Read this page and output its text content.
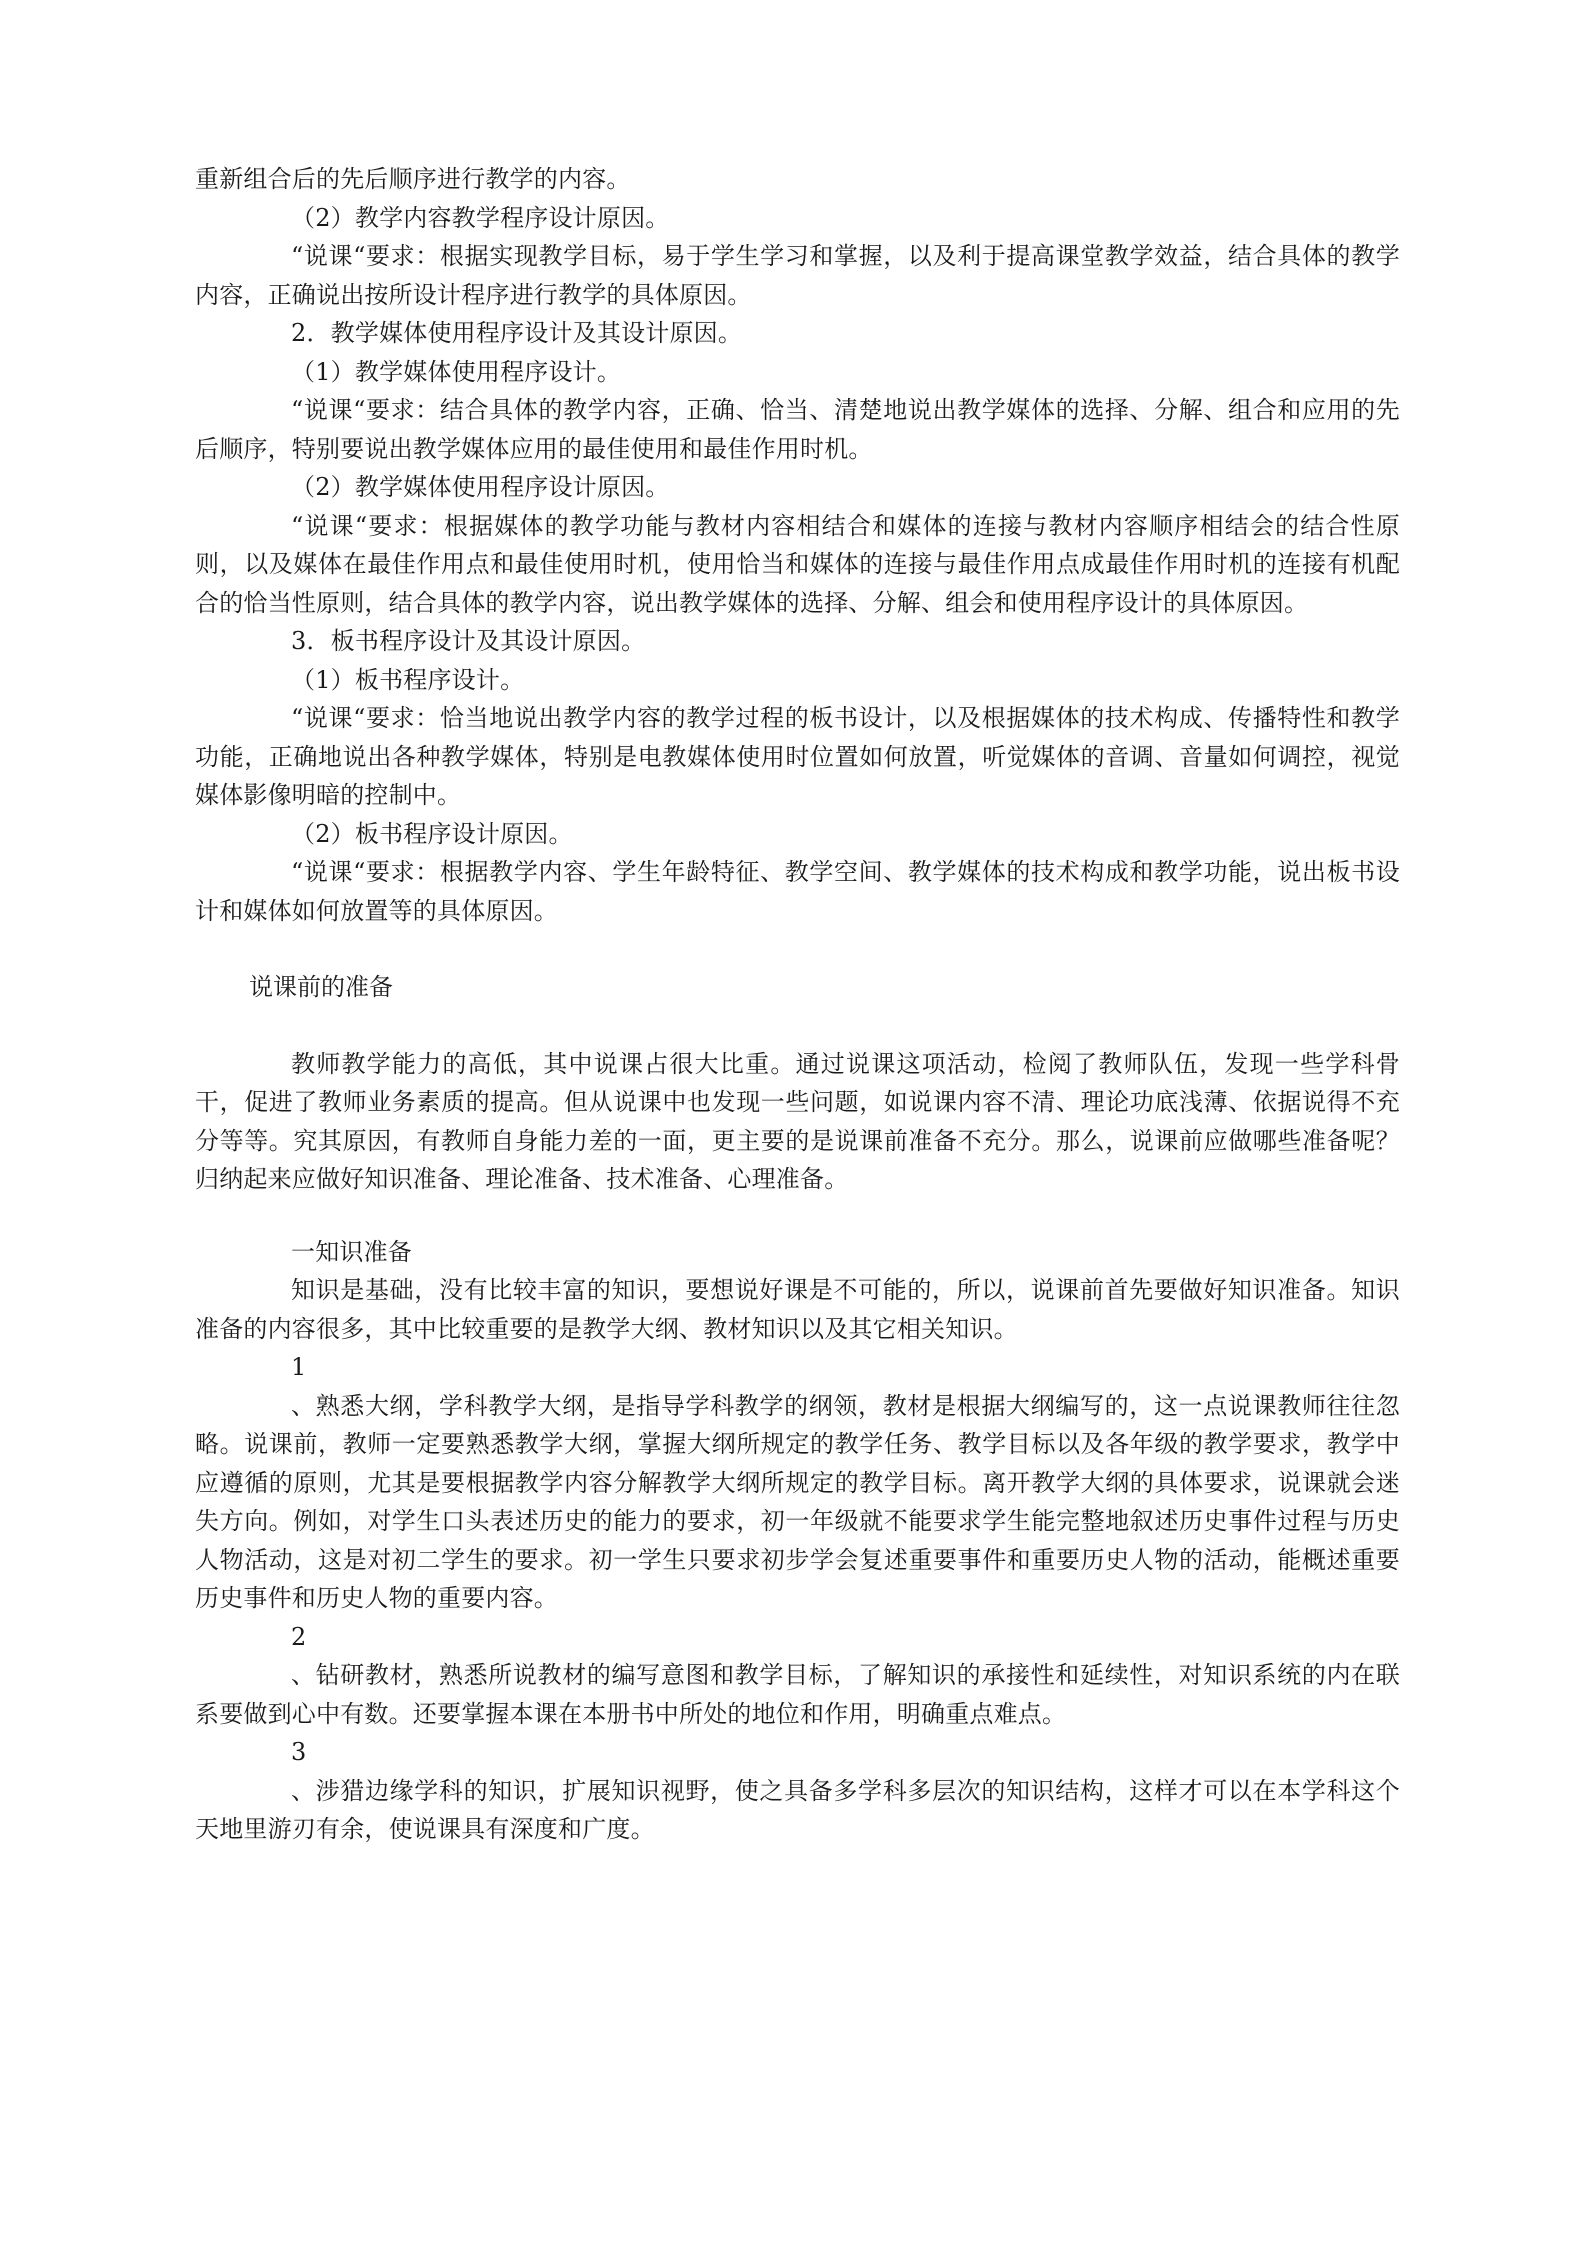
重新组合后的先后顺序进行教学的内容。

（2）教学内容教学程序设计原因。

“说课“要求：根据实现教学目标，易于学生学习和掌握，以及利于提高课堂教学效益，结合具体的教学内容，正确说出按所设计程序进行教学的具体原因。

2．教学媒体使用程序设计及其设计原因。

（1）教学媒体使用程序设计。

“说课“要求：结合具体的教学内容，正确、恰当、清楚地说出教学媒体的选择、分解、组合和应用的先后顺序，特别要说出教学媒体应用的最佳使用和最佳作用时机。

（2）教学媒体使用程序设计原因。

“说课“要求：根据媒体的教学功能与教材内容相结合和媒体的连接与教材内容顺序相结会的结合性原则，以及媒体在最佳作用点和最佳使用时机，使用恰当和媒体的连接与最佳作用点成最佳作用时机的连接有机配合的恰当性原则，结合具体的教学内容，说出教学媒体的选择、分解、组会和使用程序设计的具体原因。

3．板书程序设计及其设计原因。

（1）板书程序设计。

“说课“要求：恰当地说出教学内容的教学过程的板书设计，以及根据媒体的技术构成、传播特性和教学功能，正确地说出各种教学媒体，特别是电教媒体使用时位置如何放置，听觉媒体的音调、音量如何调控，视觉媒体影像明暗的控制中。

（2）板书程序设计原因。

“说课“要求：根据教学内容、学生年龄特征、教学空间、教学媒体的技术构成和教学功能，说出板书设计和媒体如何放置等的具体原因。

说课前的准备

教师教学能力的高低，其中说课占很大比重。通过说课这项活动，检阅了教师队伍，发现一些学科骨干，促进了教师业务素质的提高。但从说课中也发现一些问题，如说课内容不清、理论功底浅薄、依据说得不充分等等。究其原因，有教师自身能力差的一面，更主要的是说课前准备不充分。那么，说课前应做哪些准备呢？归纳起来应做好知识准备、理论准备、技术准备、心理准备。

一知识准备

知识是基础，没有比较丰富的知识，要想说好课是不可能的，所以，说课前首先要做好知识准备。知识准备的内容很多，其中比较重要的是教学大纲、教材知识以及其它相关知识。

1

、熟悉大纲，学科教学大纲，是指导学科教学的纲领，教材是根据大纲编写的，这一点说课教师往往忽略。说课前，教师一定要熟悉教学大纲，掌握大纲所规定的教学任务、教学目标以及各年级的教学要求，教学中应遵循的原则，尤其是要根据教学内容分解教学大纲所规定的教学目标。离开教学大纲的具体要求，说课就会迷失方向。例如，对学生口头表述历史的能力的要求，初一年级就不能要求学生能完整地叙述历史事件过程与历史人物活动，这是对初二学生的要求。初一学生只要求初步学会复述重要事件和重要历史人物的活动，能概述重要历史事件和历史人物的重要内容。

2

、钻研教材，熟悉所说教材的编写意图和教学目标，了解知识的承接性和延续性，对知识系统的内在联系要做到心中有数。还要掌握本课在本册书中所处的地位和作用，明确重点难点。

3

、涉猎边缘学科的知识，扩展知识视野，使之具备多学科多层次的知识结构，这样才可以在本学科这个天地里游刃有余，使说课具有深度和广度。
